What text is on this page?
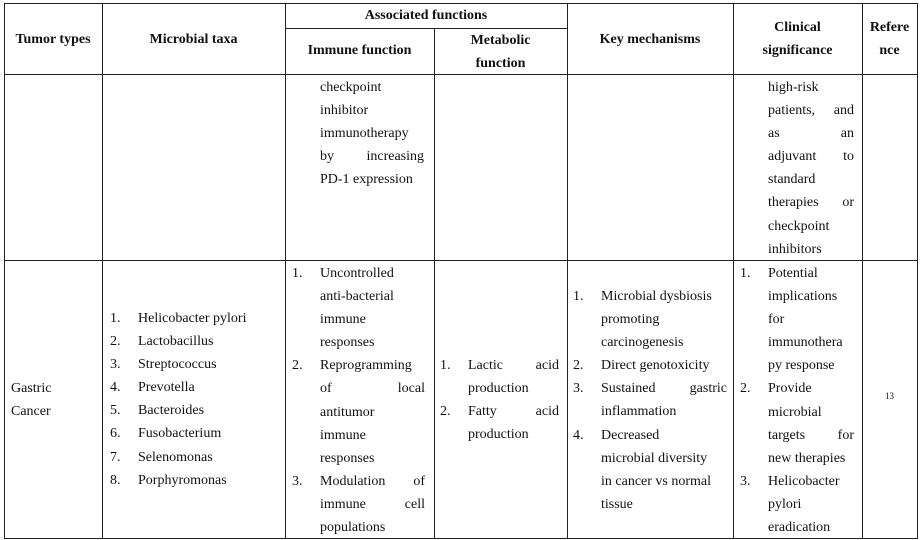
Tumor types	Microbial taxa
Associated functions
Immune function
Metabolic
function
Key mechanisms
Clinical
significance
Refere
nce
checkpoint
inhibitor
immunotherapy
by increasing
PD-1 expression
high-risk
patients, and
as an
adjuvant to
standard
therapies or
checkpoint
inhibitors
Gastric
Cancer
1. Helicobacter pylori
2. Lactobacillus
3. Streptococcus
4. Prevotella
5. Bacteroides
6. Fusobacterium
7. Selenomonas
8. Porphyromonas
1. Uncontrolled
anti-bacterial
immune
responses
2. Reprogramming
of local
antitumor
immune
responses
3. Modulation of
immune cell
populations
1. Lactic acid
production
2. Fatty acid
production
1. Microbial dysbiosis
promoting
carcinogenesis
2. Direct genotoxicity
3. Sustained gastric
inflammation
4. Decreased
microbial diversity
in cancer vs normal
tissue
1. Potential
implications
for
immunothera
py response
2. Provide
microbial
targets for
new therapies
3. Helicobacter
pylori
eradication
13
